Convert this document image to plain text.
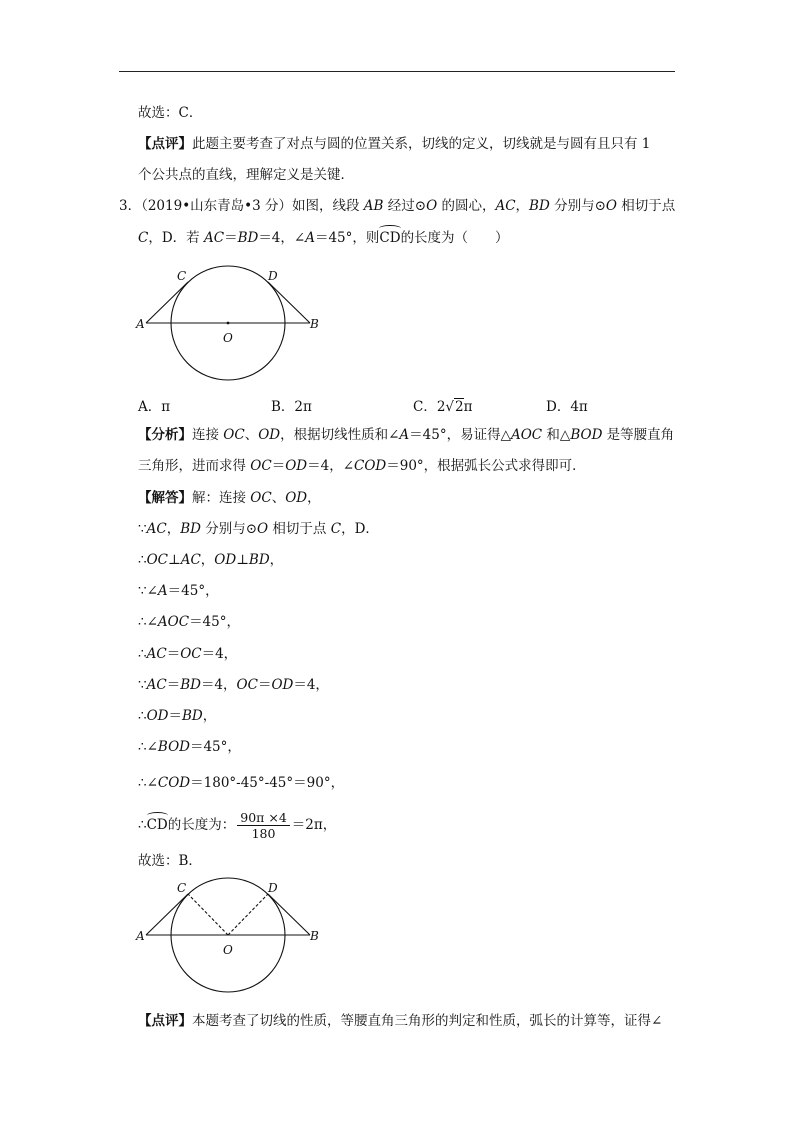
故选：C．
【点评】此题主要考查了对点与圆的位置关系，切线的定义，切线就是与圆有且只有 1
个公共点的直线，理解定义是关键．
3．（2019•山东青岛•3 分）如图，线段 AB 经过⊙O 的圆心，AC，BD 分别与⊙O 相切于点
C，D．若 AC＝BD＝4，∠A＝45°，则CD的长度为（　　）
A	B
C	D
O
A．π	B．2π	C．2√2π	D．4π
【分析】连接 OC、OD，根据切线性质和∠A＝45°，易证得△AOC 和△BOD 是等腰直角
三角形，进而求得 OC＝OD＝4，∠COD＝90°，根据弧长公式求得即可．
【解答】解：连接 OC、OD，
∵AC，BD 分别与⊙O 相切于点 C，D．
∴OC⊥AC，OD⊥BD，
∵∠A＝45°，
∴∠AOC＝45°，
∴AC＝OC＝4，
∵AC＝BD＝4，OC＝OD＝4，
∴OD＝BD，
∴∠BOD＝45°，
∴∠COD＝180°-45°-45°＝90°，
∴CD的长度为： $\frac{90\pi \times 4}{180} =2\pi$，
故选：B．
A	B
C	D
O
【点评】本题考查了切线的性质，等腰直角三角形的判定和性质，弧长的计算等，证得∠
